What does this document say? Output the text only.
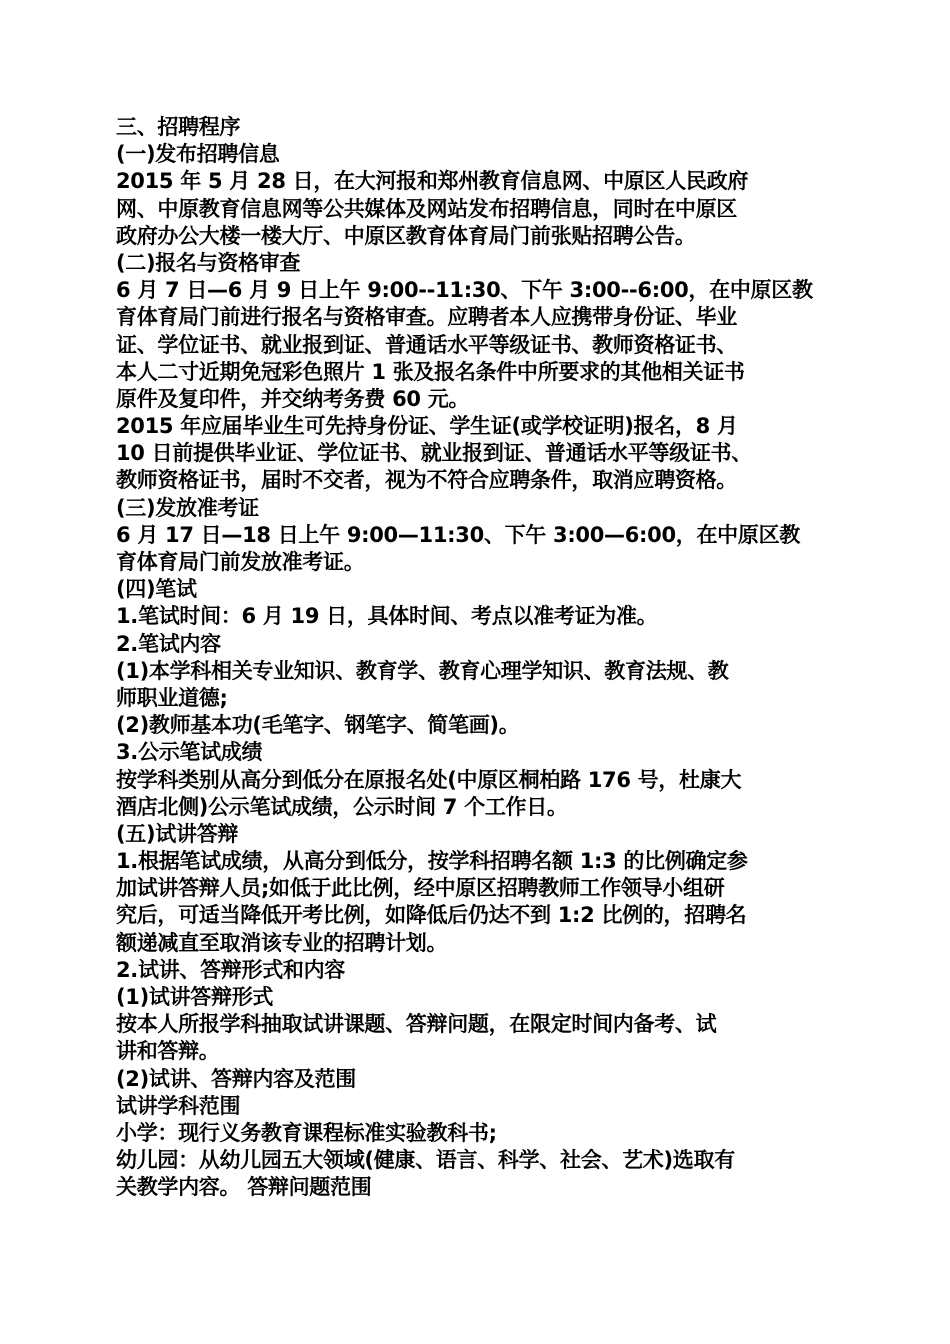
三、招聘程序
(一)发布招聘信息
2015 年 5 月 28 日，在大河报和郑州教育信息网、中原区人民政府
网、中原教育信息网等公共媒体及网站发布招聘信息，同时在中原区
政府办公大楼一楼大厅、中原区教育体育局门前张贴招聘公告。
(二)报名与资格审查
6 月 7 日—6 月 9 日上午 9:00--11:30、下午 3:00--6:00，在中原区教
育体育局门前进行报名与资格审查。应聘者本人应携带身份证、毕业
证、学位证书、就业报到证、普通话水平等级证书、教师资格证书、
本人二寸近期免冠彩色照片 1 张及报名条件中所要求的其他相关证书
原件及复印件，并交纳考务费 60 元。
2015 年应届毕业生可先持身份证、学生证(或学校证明)报名，8 月
10 日前提供毕业证、学位证书、就业报到证、普通话水平等级证书、
教师资格证书，届时不交者，视为不符合应聘条件，取消应聘资格。
(三)发放准考证
6 月 17 日—18 日上午 9:00—11:30、下午 3:00—6:00，在中原区教
育体育局门前发放准考证。
(四)笔试
1.笔试时间：6 月 19 日，具体时间、考点以准考证为准。
2.笔试内容
(1)本学科相关专业知识、教育学、教育心理学知识、教育法规、教
师职业道德;
(2)教师基本功(毛笔字、钢笔字、简笔画)。
3.公示笔试成绩
按学科类别从高分到低分在原报名处(中原区桐柏路 176 号，杜康大
酒店北侧)公示笔试成绩，公示时间 7 个工作日。
(五)试讲答辩
1.根据笔试成绩，从高分到低分，按学科招聘名额 1:3 的比例确定参
加试讲答辩人员;如低于此比例，经中原区招聘教师工作领导小组研
究后，可适当降低开考比例，如降低后仍达不到 1:2 比例的，招聘名
额递减直至取消该专业的招聘计划。
2.试讲、答辩形式和内容
(1)试讲答辩形式
按本人所报学科抽取试讲课题、答辩问题，在限定时间内备考、试
讲和答辩。
(2)试讲、答辩内容及范围
试讲学科范围
小学：现行义务教育课程标准实验教科书;
幼儿园：从幼儿园五大领域(健康、语言、科学、社会、艺术)选取有
关教学内容。 答辩问题范围
